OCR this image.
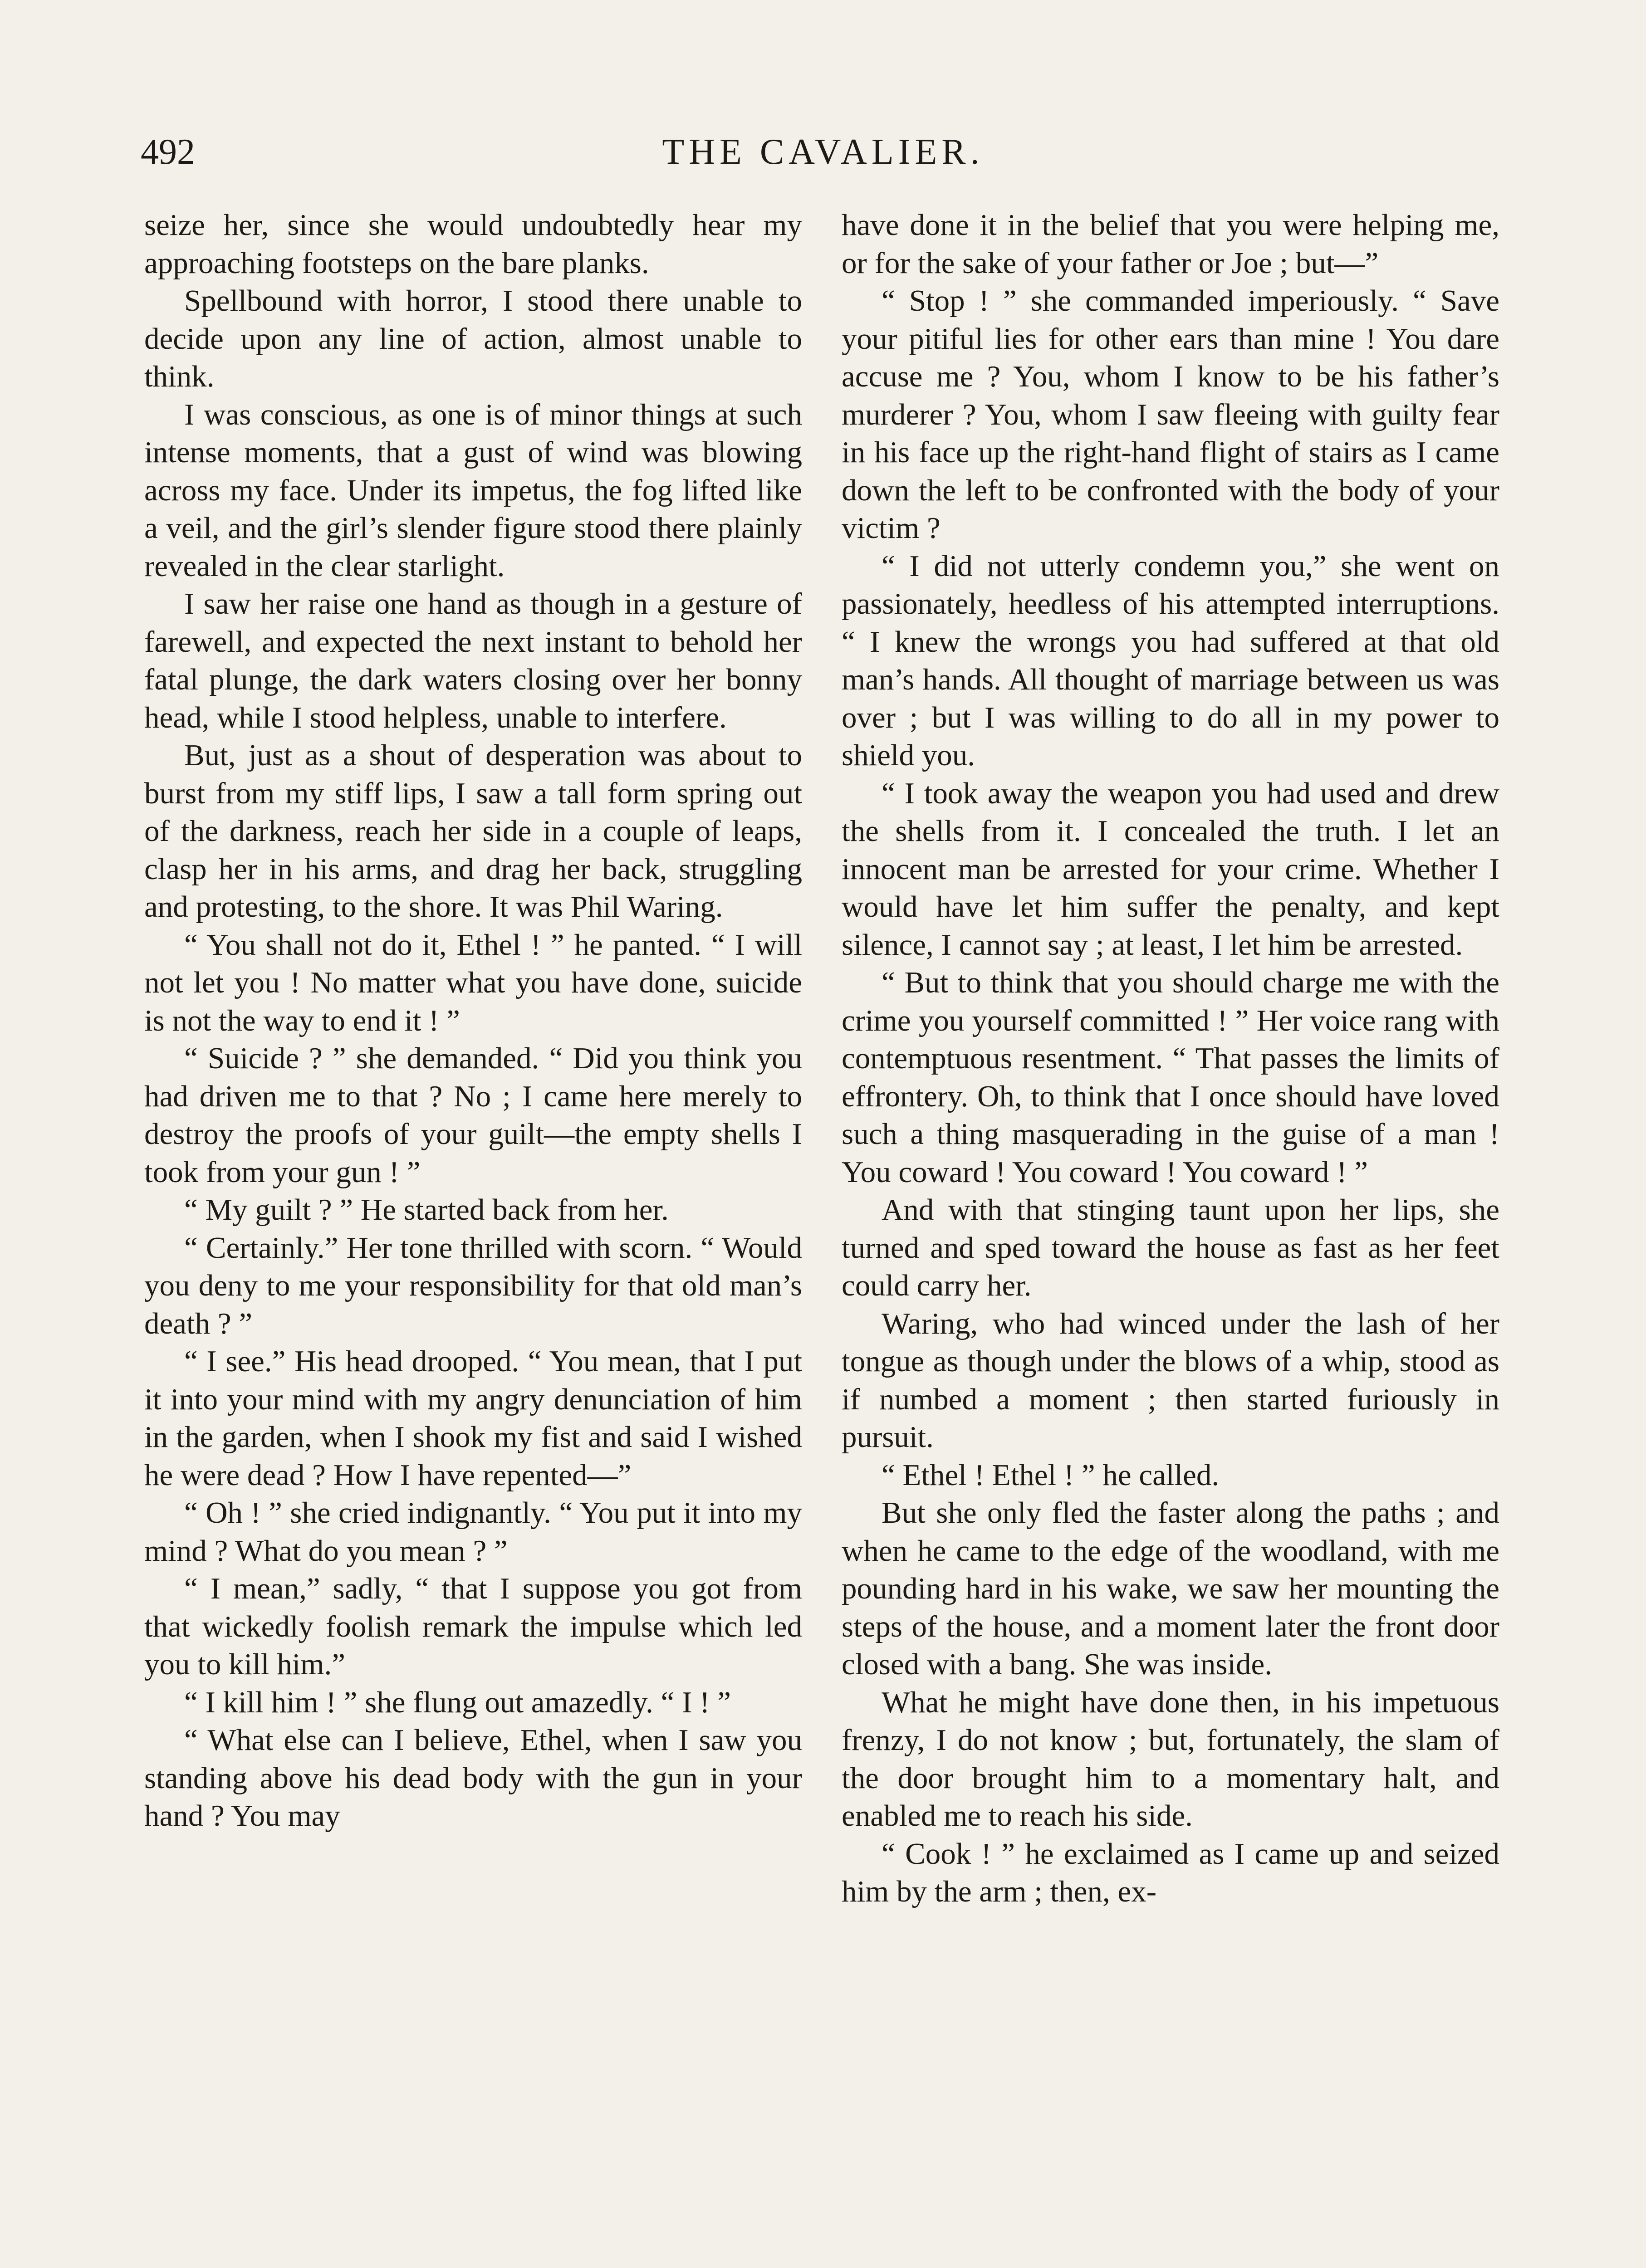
492	THE CAVALIER.

seize her, since she would undoubtedly hear my approaching footsteps on the bare planks.

Spellbound with horror, I stood there unable to decide upon any line of action, almost unable to think.

I was conscious, as one is of minor things at such intense moments, that a gust of wind was blowing across my face. Under its impetus, the fog lifted like a veil, and the girl’s slender figure stood there plainly revealed in the clear starlight.

I saw her raise one hand as though in a gesture of farewell, and expected the next instant to behold her fatal plunge, the dark waters closing over her bonny head, while I stood helpless, unable to interfere.

But, just as a shout of desperation was about to burst from my stiff lips, I saw a tall form spring out of the darkness, reach her side in a couple of leaps, clasp her in his arms, and drag her back, struggling and protesting, to the shore. It was Phil Waring.

“ You shall not do it, Ethel ! ” he panted. “ I will not let you ! No matter what you have done, suicide is not the way to end it ! ”

“ Suicide ? ” she demanded. “ Did you think you had driven me to that ? No ; I came here merely to destroy the proofs of your guilt—the empty shells I took from your gun ! ”

“ My guilt ? ” He started back from her.

“ Certainly.” Her tone thrilled with scorn. “ Would you deny to me your responsibility for that old man’s death ? ”

“ I see.” His head drooped. “ You mean, that I put it into your mind with my angry denunciation of him in the garden, when I shook my fist and said I wished he were dead ? How I have repented—”

“ Oh ! ” she cried indignantly. “ You put it into my mind ? What do you mean ? ”

“ I mean,” sadly, “ that I suppose you got from that wickedly foolish remark the impulse which led you to kill him.”

“ I kill him ! ” she flung out amazedly. “ I ! ”

“ What else can I believe, Ethel, when I saw you standing above his dead body with the gun in your hand ? You may

have done it in the belief that you were helping me, or for the sake of your father or Joe ; but—”

“ Stop ! ” she commanded imperiously. “ Save your pitiful lies for other ears than mine ! You dare accuse me ? You, whom I know to be his father’s murderer ? You, whom I saw fleeing with guilty fear in his face up the right-hand flight of stairs as I came down the left to be confronted with the body of your victim ?

“ I did not utterly condemn you,” she went on passionately, heedless of his attempted interruptions. “ I knew the wrongs you had suffered at that old man’s hands. All thought of marriage between us was over ; but I was willing to do all in my power to shield you.

“ I took away the weapon you had used and drew the shells from it. I concealed the truth. I let an innocent man be arrested for your crime. Whether I would have let him suffer the penalty, and kept silence, I cannot say ; at least, I let him be arrested.

“ But to think that you should charge me with the crime you yourself committed ! ” Her voice rang with contemptuous resentment. “ That passes the limits of effrontery. Oh, to think that I once should have loved such a thing masquerading in the guise of a man ! You coward ! You coward ! You coward ! ”

And with that stinging taunt upon her lips, she turned and sped toward the house as fast as her feet could carry her.

Waring, who had winced under the lash of her tongue as though under the blows of a whip, stood as if numbed a moment ; then started furiously in pursuit.

“ Ethel ! Ethel ! ” he called.

But she only fled the faster along the paths ; and when he came to the edge of the woodland, with me pounding hard in his wake, we saw her mounting the steps of the house, and a moment later the front door closed with a bang. She was inside.

What he might have done then, in his impetuous frenzy, I do not know ; but, fortunately, the slam of the door brought him to a momentary halt, and enabled me to reach his side.

“ Cook ! ” he exclaimed as I came up and seized him by the arm ; then, ex-
